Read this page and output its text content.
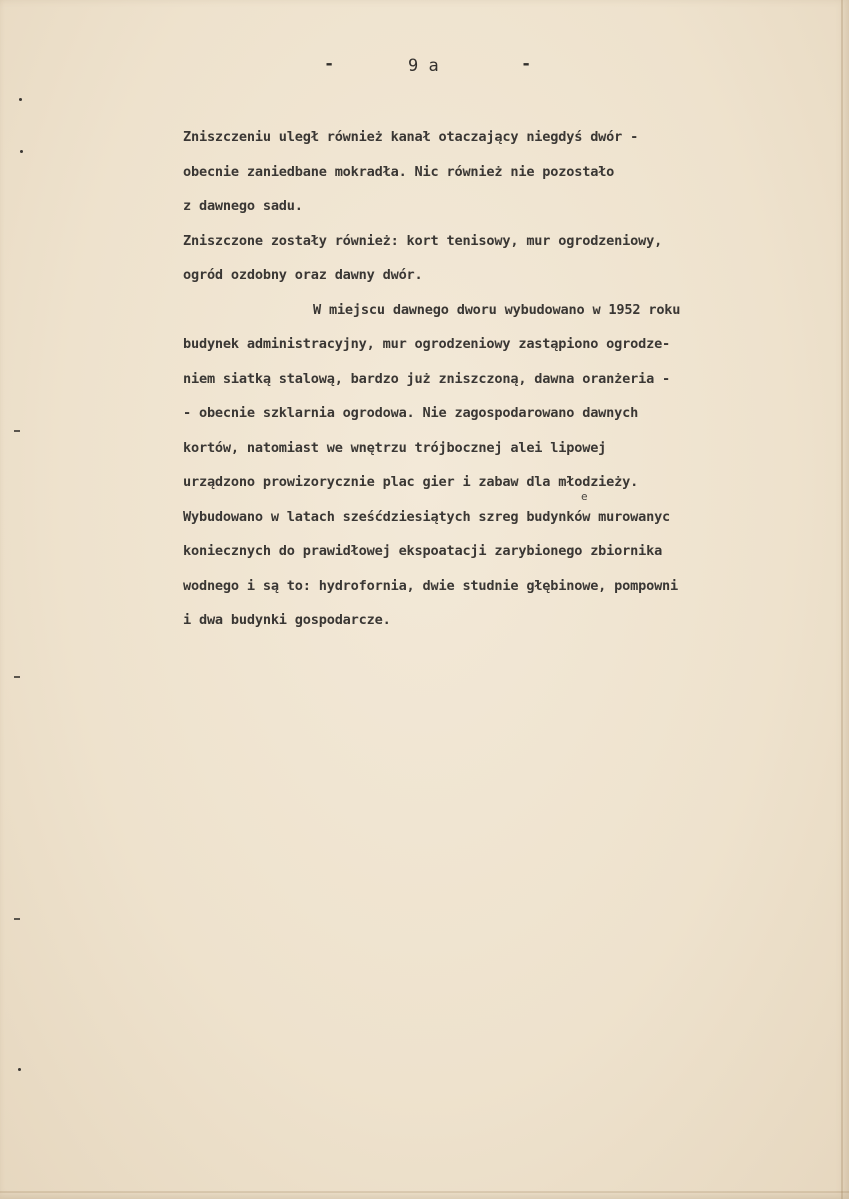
-	9 a	-
e
Zniszczeniu uległ również kanał otaczający niegdyś dwór -
obecnie zaniedbane mokradła. Nic również nie pozostało
z dawnego sadu.
Zniszczone zostały również: kort tenisowy, mur ogrodzeniowy,
ogród ozdobny oraz dawny dwór.
W miejscu dawnego dworu wybudowano w 1952 roku
budynek administracyjny, mur ogrodzeniowy zastąpiono ogrodze-
niem siatką stalową, bardzo już zniszczoną, dawna oranżeria -
- obecnie szklarnia ogrodowa. Nie zagospodarowano dawnych
kortów, natomiast we wnętrzu trójbocznej alei lipowej
urządzono prowizorycznie plac gier i zabaw dla młodzieży.
Wybudowano w latach sześćdziesiątych szreg budynków murowanyc
koniecznych do prawidłowej ekspoatacji zarybionego zbiornika
wodnego i są to: hydrofornia, dwie studnie głębinowe, pompowni
i dwa budynki gospodarcze.
